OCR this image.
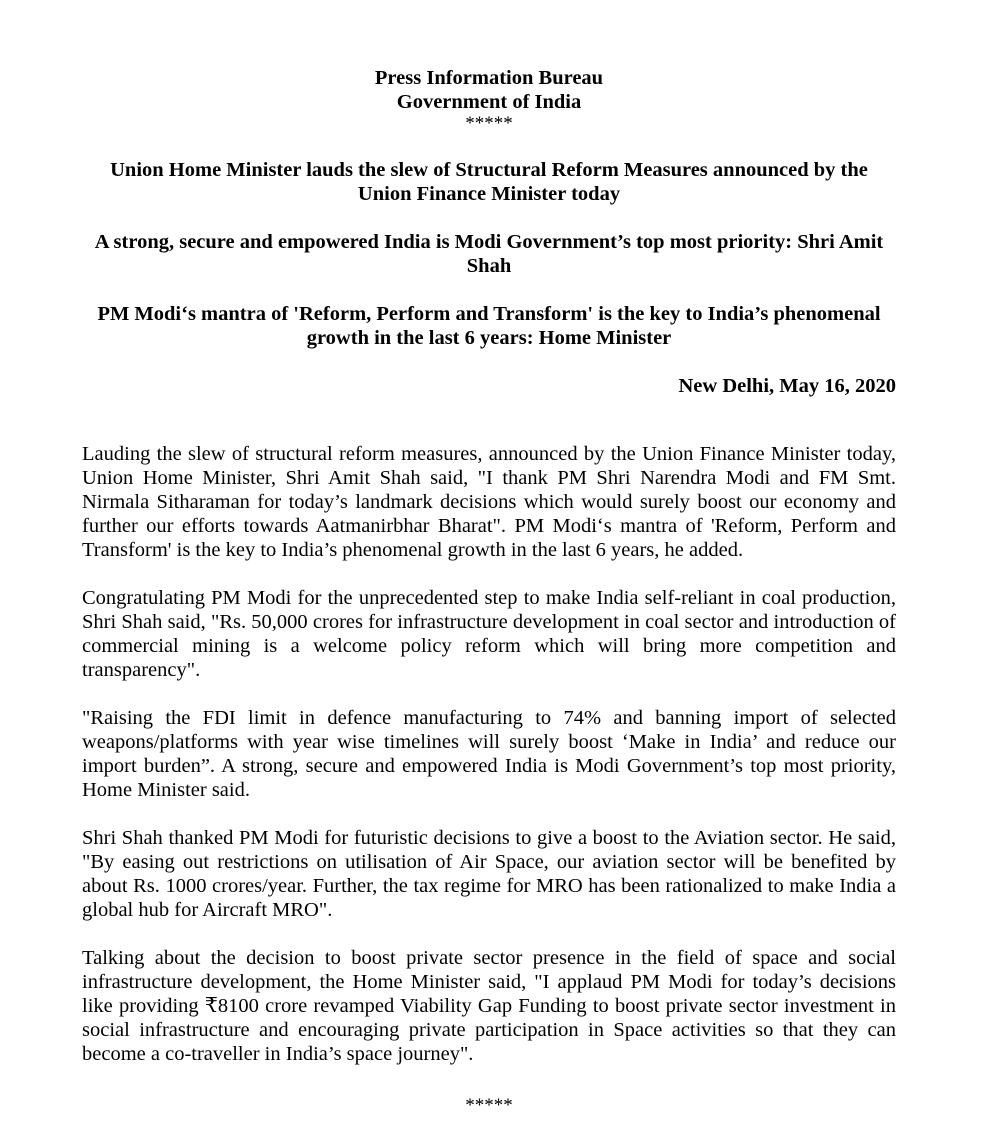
Press Information Bureau

Government of India

*****

Union Home Minister lauds the slew of Structural Reform Measures announced by the Union Finance Minister today

A strong, secure and empowered India is Modi Government’s top most priority: Shri Amit Shah

PM Modi‘s mantra of 'Reform, Perform and Transform' is the key to India’s phenomenal growth in the last 6 years: Home Minister

New Delhi, May 16, 2020

Lauding the slew of structural reform measures, announced by the Union Finance Minister today, Union Home Minister, Shri Amit Shah said, "I thank PM Shri Narendra Modi and FM Smt. Nirmala Sitharaman for today’s landmark decisions which would surely boost our economy and further our efforts towards Aatmanirbhar Bharat". PM Modi‘s mantra of 'Reform, Perform and Transform' is the key to India’s phenomenal growth in the last 6 years, he added.

Congratulating PM Modi for the unprecedented step to make India self-reliant in coal production, Shri Shah said, "Rs. 50,000 crores for infrastructure development in coal sector and introduction of commercial mining is a welcome policy reform which will bring more competition and transparency".

"Raising the FDI limit in defence manufacturing to 74% and banning import of selected weapons/platforms with year wise timelines will surely boost ‘Make in India’ and reduce our import burden”. A strong, secure and empowered India is Modi Government’s top most priority, Home Minister said.

Shri Shah thanked PM Modi for futuristic decisions to give a boost to the Aviation sector. He said, "By easing out restrictions on utilisation of Air Space, our aviation sector will be benefited by about Rs. 1000 crores/year. Further, the tax regime for MRO has been rationalized to make India a global hub for Aircraft MRO".

Talking about the decision to boost private sector presence in the field of space and social infrastructure development, the Home Minister said, "I applaud PM Modi for today’s decisions like providing ₹8100 crore revamped Viability Gap Funding to boost private sector investment in social infrastructure and encouraging private participation in Space activities so that they can become a co-traveller in India’s space journey".

*****
